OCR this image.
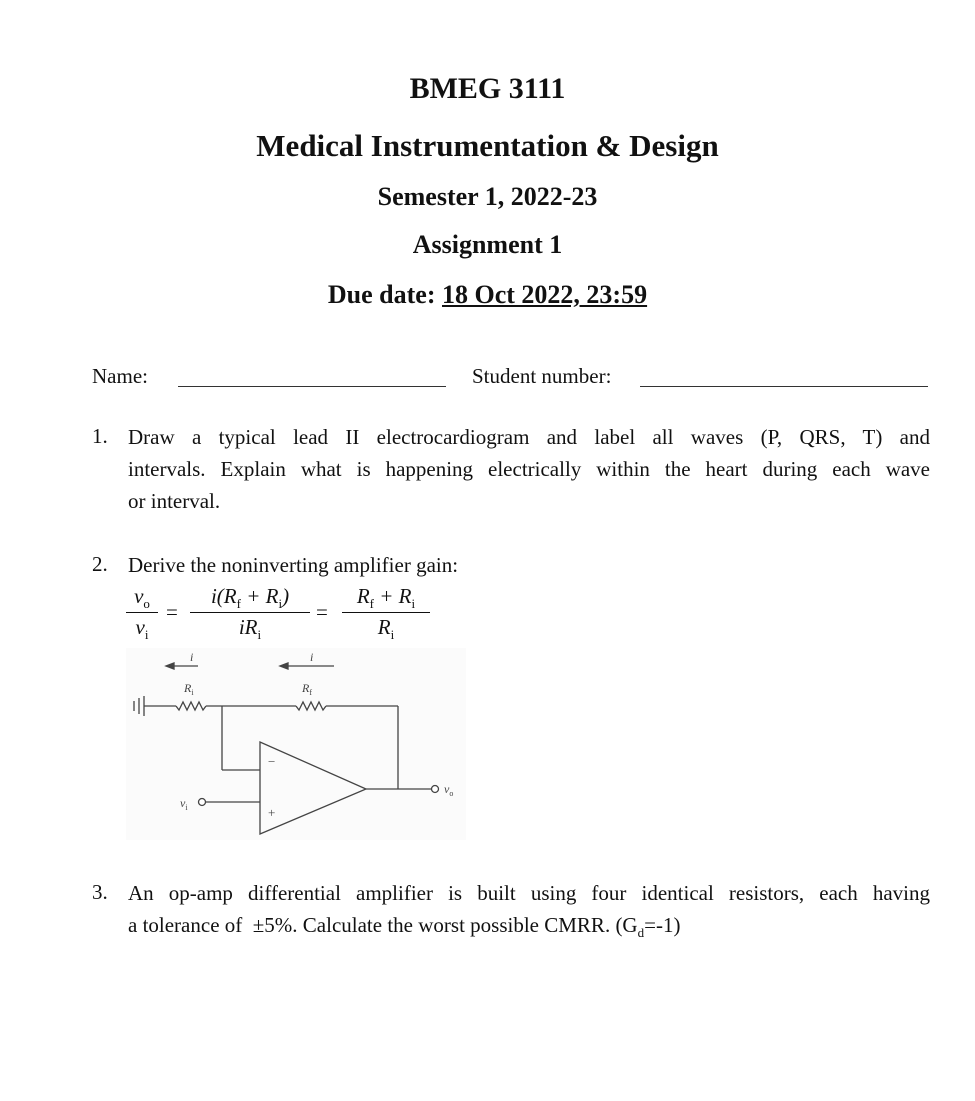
BMEG 3111
Medical Instrumentation & Design
Semester 1, 2022-23
Assignment 1
Due date: 18 Oct 2022, 23:59
Name:	Student number:
1. Draw a typical lead II electrocardiogram and label all waves (P, QRS, T) and
intervals. Explain what is happening electrically within the heart during each wave
or interval.
2. Derive the noninverting amplifier gain:
$\frac{v_o}{v_i}$ =
$i(R_f + R_i)$
$iR_i$
= $\frac{R_f + R_i}{R_i}$
i	i
$R_i$	$R_f$
−
+
$v_i$
$v_o$
3. An op-amp differential amplifier is built using four identical resistors, each having
a tolerance of ±5%. Calculate the worst possible CMRR. $(G_d=-1)$
